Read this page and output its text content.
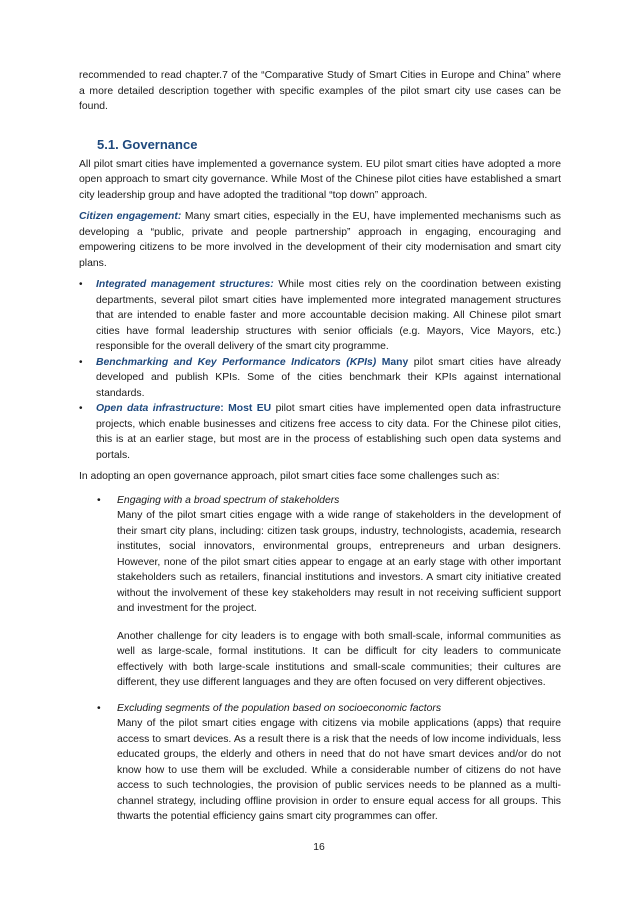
recommended to read chapter.7 of the “Comparative Study of Smart Cities in Europe and China” where a more detailed description together with specific examples of the pilot smart city use cases can be found.

5.1. Governance

All pilot smart cities have implemented a governance system. EU pilot smart cities have adopted a more open approach to smart city governance. While Most of the Chinese pilot cities have established a smart city leadership group and have adopted the traditional “top down” approach.

Citizen engagement: Many smart cities, especially in the EU, have implemented mechanisms such as developing a “public, private and people partnership” approach in engaging, encouraging and empowering citizens to be more involved in the development of their city modernisation and smart city plans.

• Integrated management structures: While most cities rely on the coordination between existing departments, several pilot smart cities have implemented more integrated management structures that are intended to enable faster and more accountable decision making. All Chinese pilot smart cities have formal leadership structures with senior officials (e.g. Mayors, Vice Mayors, etc.) responsible for the overall delivery of the smart city programme.
• Benchmarking and Key Performance Indicators (KPIs) Many pilot smart cities have already developed and publish KPIs. Some of the cities benchmark their KPIs against international standards.
• Open data infrastructure: Most EU pilot smart cities have implemented open data infrastructure projects, which enable businesses and citizens free access to city data. For the Chinese pilot cities, this is at an earlier stage, but most are in the process of establishing such open data systems and portals.

In adopting an open governance approach, pilot smart cities face some challenges such as:

• Engaging with a broad spectrum of stakeholders

Many of the pilot smart cities engage with a wide range of stakeholders in the development of their smart city plans, including: citizen task groups, industry, technologists, academia, research institutes, social innovators, environmental groups, entrepreneurs and urban designers. However, none of the pilot smart cities appear to engage at an early stage with other important stakeholders such as retailers, financial institutions and investors. A smart city initiative created without the involvement of these key stakeholders may result in not receiving sufficient support and investment for the project.

Another challenge for city leaders is to engage with both small-scale, informal communities as well as large-scale, formal institutions. It can be difficult for city leaders to communicate effectively with both large-scale institutions and small-scale communities; their cultures are different, they use different languages and they are often focused on very different objectives.

• Excluding segments of the population based on socioeconomic factors

Many of the pilot smart cities engage with citizens via mobile applications (apps) that require access to smart devices. As a result there is a risk that the needs of low income individuals, less educated groups, the elderly and others in need that do not have smart devices and/or do not know how to use them will be excluded. While a considerable number of citizens do not have access to such technologies, the provision of public services needs to be planned as a multi-channel strategy, including offline provision in order to ensure equal access for all groups. This thwarts the potential efficiency gains smart city programmes can offer.

16
